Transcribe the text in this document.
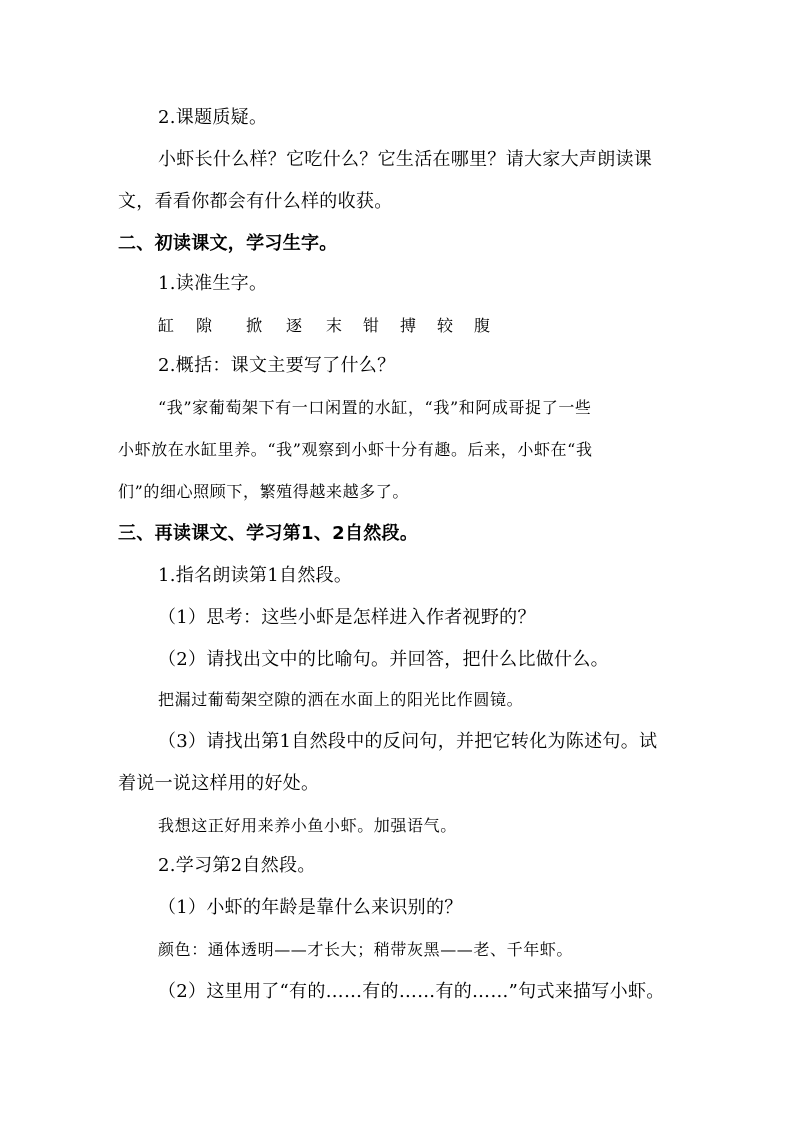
2.课题质疑。
小虾长什么样？它吃什么？它生活在哪里？请大家大声朗读课
文，看看你都会有什么样的收获。
二、初读课文，学习生字。
1.读准生字。
缸	隙	掀	逐	末	钳	搏	较	腹
2.概括：课文主要写了什么？
“我”家葡萄架下有一口闲置的水缸，“我”和阿成哥捉了一些
小虾放在水缸里养。“我”观察到小虾十分有趣。后来，小虾在“我
们”的细心照顾下，繁殖得越来越多了。
三、再读课文、学习第1、2自然段。
1.指名朗读第1自然段。
（1）思考：这些小虾是怎样进入作者视野的？
（2）请找出文中的比喻句。并回答，把什么比做什么。
把漏过葡萄架空隙的洒在水面上的阳光比作圆镜。
（3）请找出第1自然段中的反问句，并把它转化为陈述句。试
着说一说这样用的好处。
我想这正好用来养小鱼小虾。加强语气。
2.学习第2自然段。
（1）小虾的年龄是靠什么来识别的？
颜色：通体透明——才长大；稍带灰黑——老、千年虾。
（2）这里用了“有的……有的……有的……”句式来描写小虾。
